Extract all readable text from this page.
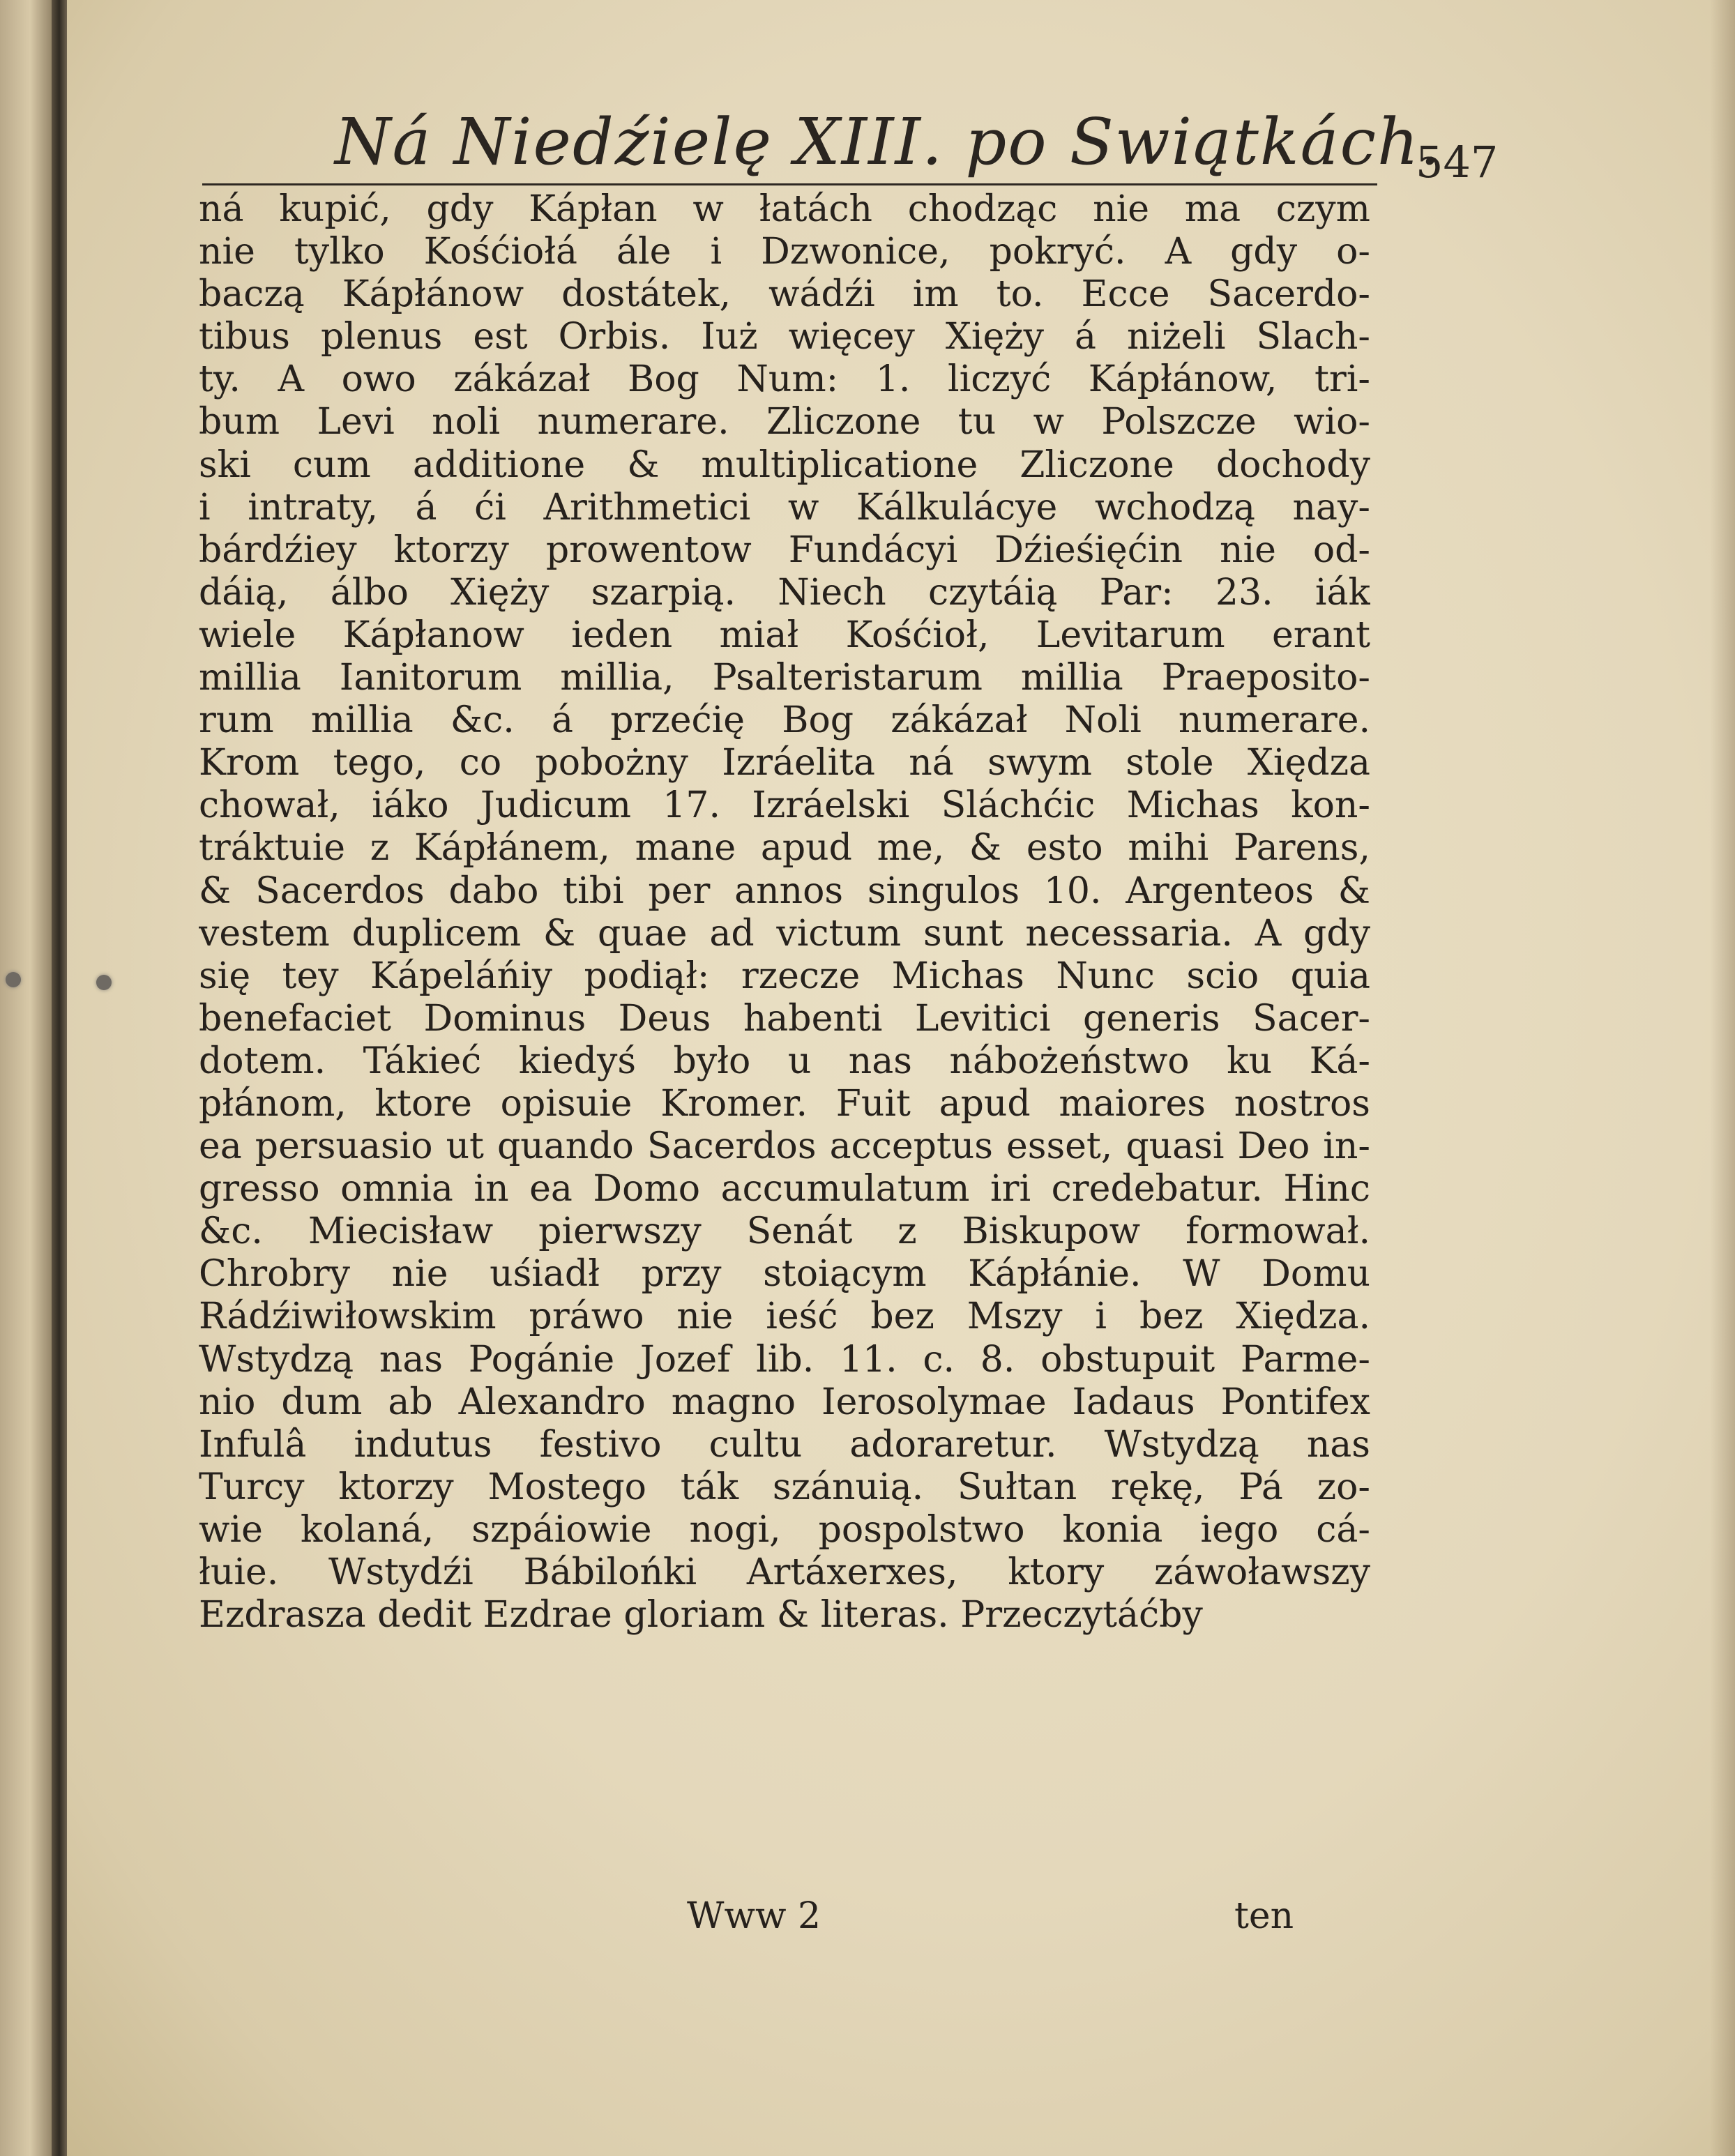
Ná Niedźielę XIII. po Swiątkách.
547
ná kupić, gdy Kápłan w łatách chodząc nie ma czym
nie tylko Kośćiołá ále i Dzwonice, pokryć. A gdy o-
baczą Kápłánow dostátek, wádźi im to. Ecce Sacerdo-
tibus plenus est Orbis. Iuż więcey Xięży á niżeli Slach-
ty. A owo zákázał Bog Num: 1. liczyć Kápłánow, tri-
bum Levi noli numerare. Zliczone tu w Polszcze wio-
ski cum additione & multiplicatione Zliczone dochody
i intraty, á ći Arithmetici w Kálkulácye wchodzą nay-
bárdźiey ktorzy prowentow Fundácyi Dźieśięćin nie od-
dáią, álbo Xięży szarpią. Niech czytáią Par: 23. iák
wiele Kápłanow ieden miał Kośćioł, Levitarum erant
millia Ianitorum millia, Psalteristarum millia Praeposito-
rum millia &c. á przećię Bog zákázał Noli numerare.
Krom tego, co pobożny Izráelita ná swym stole Xiędza
chował, iáko Judicum 17. Izráelski Sláchćic Michas kon-
tráktuie z Kápłánem, mane apud me, & esto mihi Parens,
& Sacerdos dabo tibi per annos singulos 10. Argenteos &
vestem duplicem & quae ad victum sunt necessaria. A gdy
się tey Kápeláńiy podiął: rzecze Michas Nunc scio quia
benefaciet Dominus Deus habenti Levitici generis Sacer-
dotem. Tákieć kiedyś było u nas nábożeństwo ku Ká-
płánom, ktore opisuie Kromer. Fuit apud maiores nostros
ea persuasio ut quando Sacerdos acceptus esset, quasi Deo in-
gresso omnia in ea Domo accumulatum iri credebatur. Hinc
&c. Miecisław pierwszy Senát z Biskupow formował.
Chrobry nie uśiadł przy stoiącym Kápłánie. W Domu
Rádźiwiłowskim práwo nie ieść bez Mszy i bez Xiędza.
Wstydzą nas Pogánie Jozef lib. 11. c. 8. obstupuit Parme-
nio dum ab Alexandro magno Ierosolymae Iadaus Pontifex
Infulâ indutus festivo cultu adoraretur. Wstydzą nas
Turcy ktorzy Mostego ták szánuią. Sułtan rękę, Pá zo-
wie kolaná, szpáiowie nogi, pospolstwo konia iego cá-
łuie. Wstydźi Bábilońki Artáxerxes, ktory záwoławszy
Ezdrasza dedit Ezdrae gloriam & literas. Przeczytáćby
Www 2	ten
